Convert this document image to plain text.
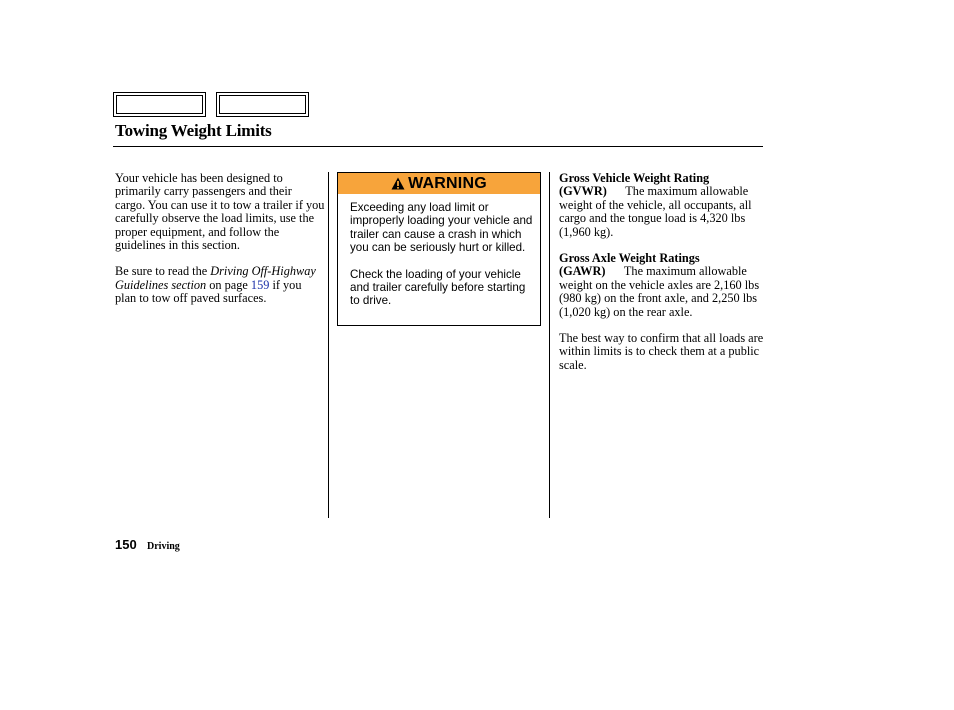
Towing Weight Limits

Your vehicle has been designed to primarily carry passengers and their cargo. You can use it to tow a trailer if you carefully observe the load limits, use the proper equipment, and follow the guidelines in this section.

Be sure to read the Driving Off-Highway Guidelines section on page 159 if you plan to tow off paved surfaces.

WARNING

Exceeding any load limit or improperly loading your vehicle and trailer can cause a crash in which you can be seriously hurt or killed.

Check the loading of your vehicle and trailer carefully before starting to drive.

Gross Vehicle Weight Rating (GVWR) The maximum allowable weight of the vehicle, all occupants, all cargo and the tongue load is 4,320 lbs (1,960 kg).

Gross Axle Weight Ratings (GAWR) The maximum allowable weight on the vehicle axles are 2,160 lbs (980 kg) on the front axle, and 2,250 lbs (1,020 kg) on the rear axle.

The best way to confirm that all loads are within limits is to check them at a public scale.

150 Driving
